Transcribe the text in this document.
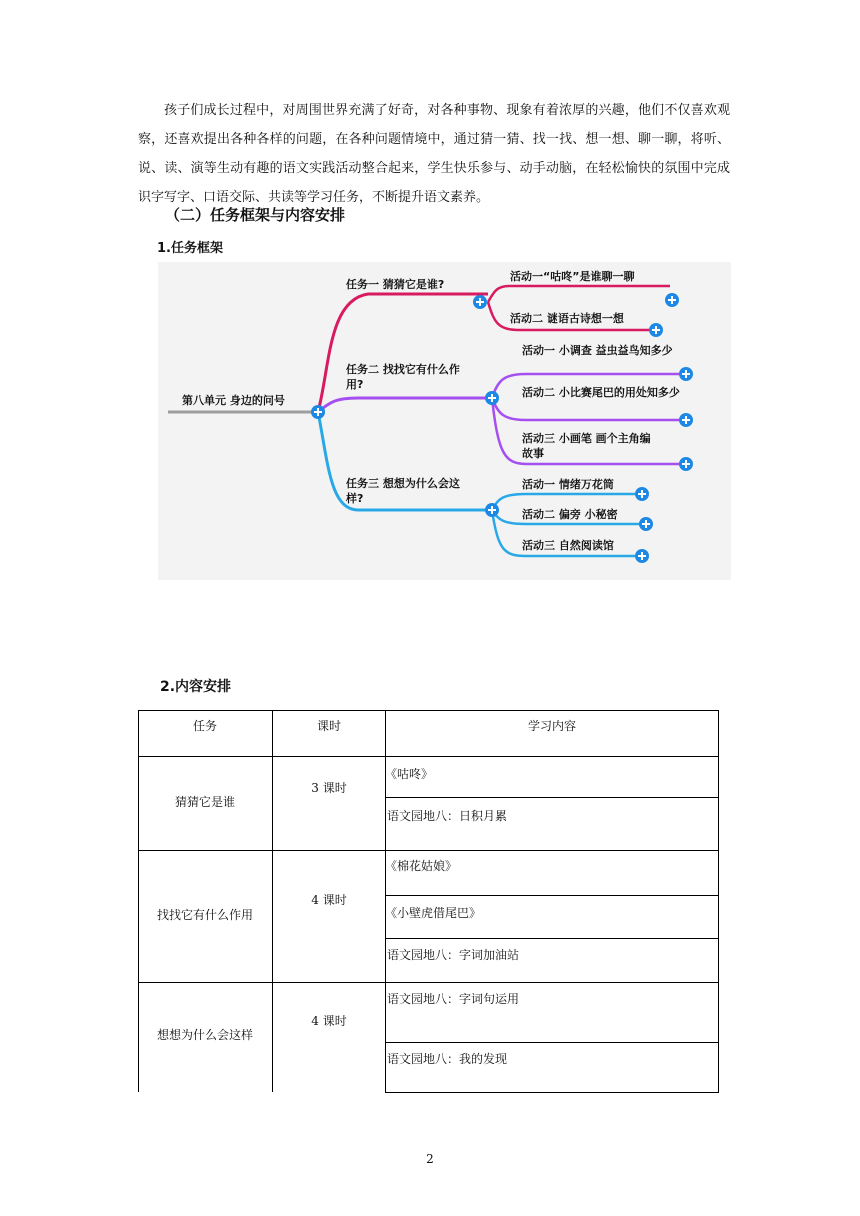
孩子们成长过程中，对周围世界充满了好奇，对各种事物、现象有着浓厚的兴趣，他们不仅喜欢观察，还喜欢提出各种各样的问题，在各种问题情境中，通过猜一猜、找一找、想一想、聊一聊，将听、说、读、演等生动有趣的语文实践活动整合起来，学生快乐参与、动手动脑，在轻松愉快的氛围中完成识字写字、口语交际、共读等学习任务，不断提升语文素养。

（二）任务框架与内容安排
1.任务框架
第八单元 身边的问号
任务一 猜猜它是谁?
活动一“咕咚”是谁聊一聊
活动二 谜语古诗想一想
任务二 找找它有什么作
用?
活动一 小调查 益虫益鸟知多少
活动二 小比赛尾巴的用处知多少
活动三 小画笔 画个主角编
故事
任务三 想想为什么会这
样?
活动一 情绪万花筒
活动二 偏旁 小秘密
活动三 自然阅读馆
2.内容安排
任务	课时	学习内容
猜猜它是谁
3 课时
《咕咚》
语文园地八：日积月累
找找它有什么作用
4 课时
《棉花姑娘》
《小壁虎借尾巴》
语文园地八：字词加油站
想想为什么会这样
4 课时
语文园地八：字词句运用
语文园地八：我的发现
2
